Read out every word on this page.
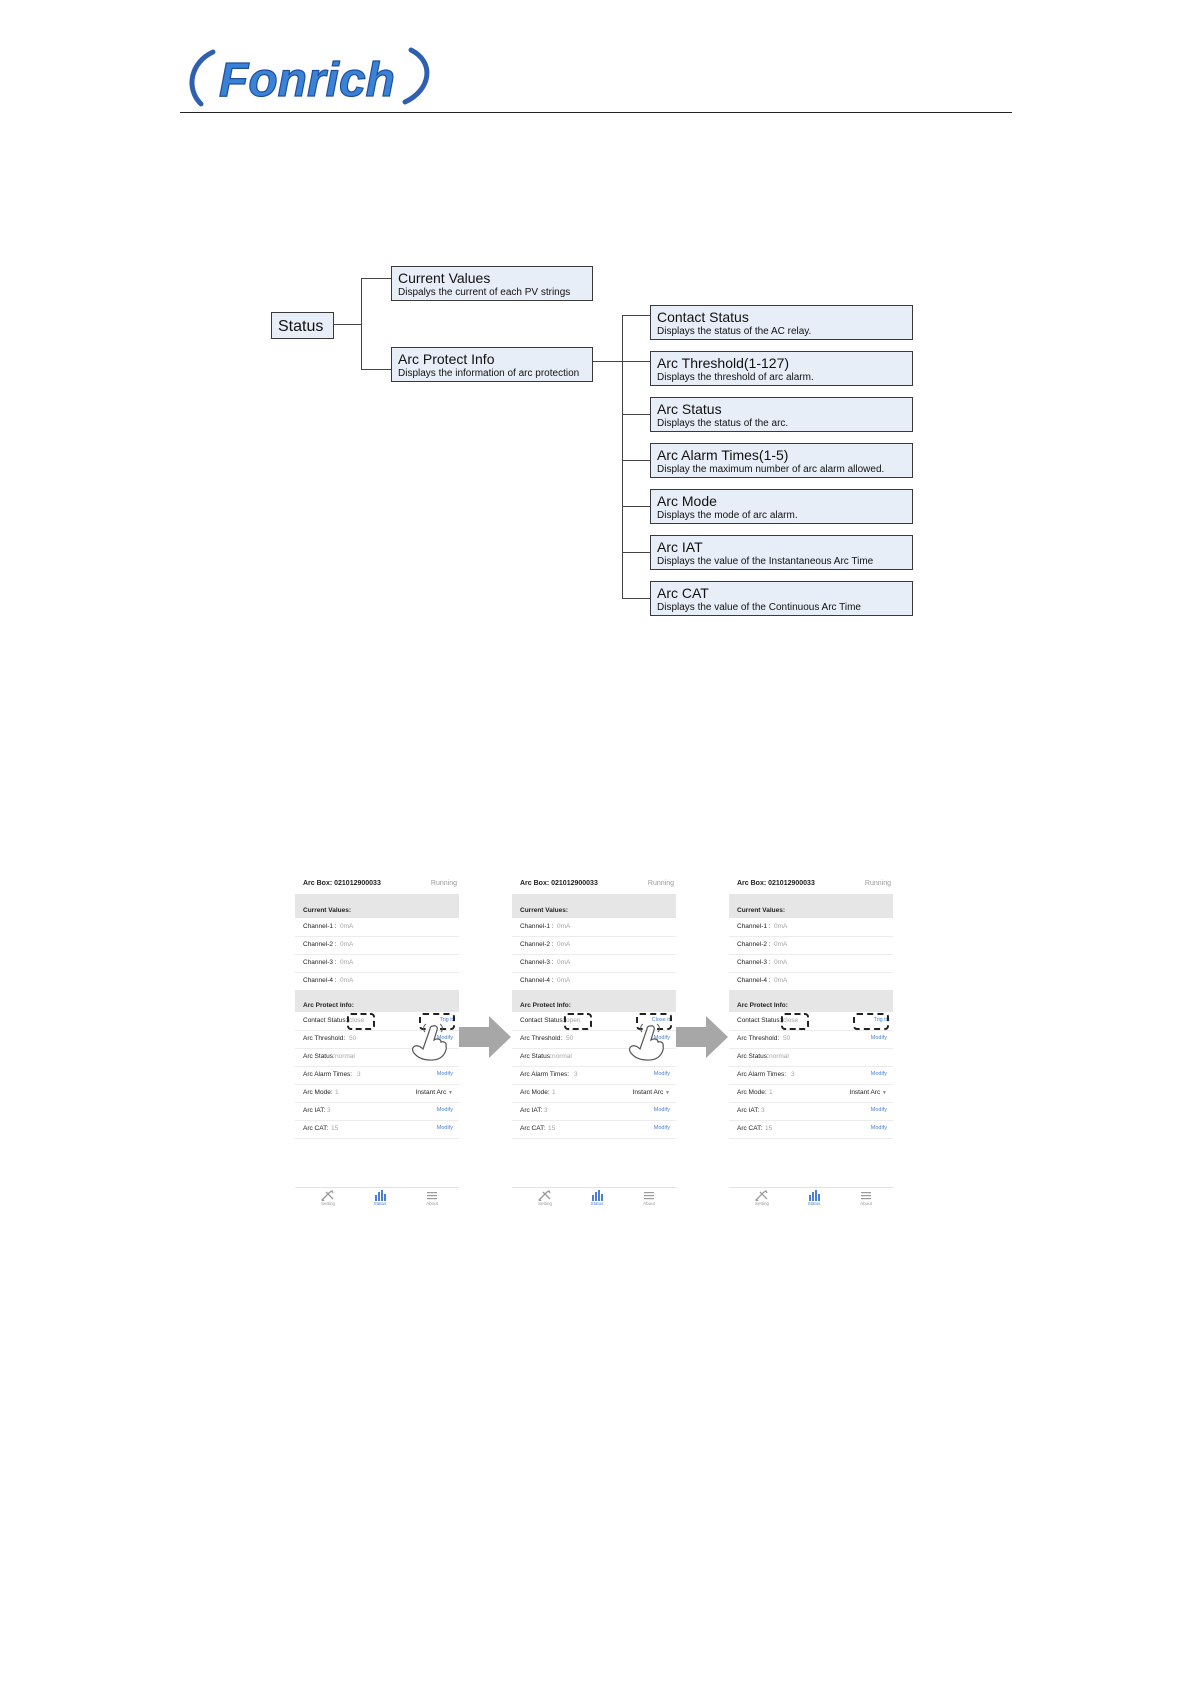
Fonrich
Status
Current Values
Dispalys the current of each PV strings
Arc Protect Info
Displays the information of arc protection
Contact Status
Displays the status of the AC relay.
Arc Threshold(1-127)
Displays the threshold of arc alarm.
Arc Status
Displays the status of the arc.
Arc Alarm Times(1-5)
Display the maximum number of arc alarm allowed.
Arc Mode
Displays the mode of arc alarm.
Arc IAT
Displays the value of the Instantaneous Arc Time
Arc CAT
Displays the value of the Continuous Arc Time
Arc Box: 021012900033	Running
Current Values:
Channel-1 : 0mA
Channel-2 : 0mA
Channel-3 : 0mA
Channel-4 : 0mA
Arc Protect Info:
Contact Status: close	Trig it
Arc Threshold: 50	Modify
Arc Status: normal
Arc Alarm Times: 3	Modify
Arc Mode: 1	Instant Arc ▼
Arc IAT: 3	Modify
Arc CAT: 15	Modify
Setting	Status	About
Arc Box: 021012900033	Running
Current Values:
Channel-1 : 0mA
Channel-2 : 0mA
Channel-3 : 0mA
Channel-4 : 0mA
Arc Protect Info:
Contact Status: open	Close it
Arc Threshold: 50	Modify
Arc Status: normal
Arc Alarm Times: 3	Modify
Arc Mode: 1	Instant Arc ▼
Arc IAT: 3	Modify
Arc CAT: 15	Modify
Setting	Status	About
Arc Box: 021012900033	Running
Current Values:
Channel-1 : 0mA
Channel-2 : 0mA
Channel-3 : 0mA
Channel-4 : 0mA
Arc Protect Info:
Contact Status: close	Trig it
Arc Threshold: 50	Modify
Arc Status: normal
Arc Alarm Times: 3	Modify
Arc Mode: 1	Instant Arc ▼
Arc IAT: 3	Modify
Arc CAT: 15	Modify
Setting	Status	About
